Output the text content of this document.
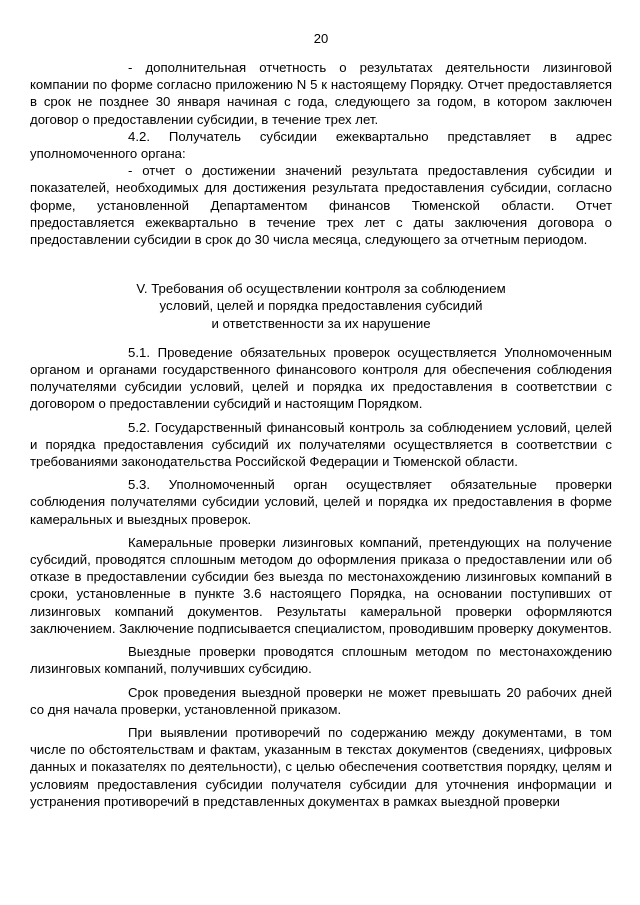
20

- дополнительная отчетность о результатах деятельности лизинговой компании по форме согласно приложению N 5 к настоящему Порядку. Отчет предоставляется в срок не позднее 30 января начиная с года, следующего за годом, в котором заключен договор о предоставлении субсидии, в течение трех лет.

4.2. Получатель субсидии ежеквартально представляет в адрес уполномоченного органа:

- отчет о достижении значений результата предоставления субсидии и показателей, необходимых для достижения результата предоставления субсидии, согласно форме, установленной Департаментом финансов Тюменской области. Отчет предоставляется ежеквартально в течение трех лет с даты заключения договора о предоставлении субсидии в срок до 30 числа месяца, следующего за отчетным периодом.

V. Требования об осуществлении контроля за соблюдением
условий, целей и порядка предоставления субсидий
и ответственности за их нарушение

5.1. Проведение обязательных проверок осуществляется Уполномоченным органом и органами государственного финансового контроля для обеспечения соблюдения получателями субсидии условий, целей и порядка их предоставления в соответствии с договором о предоставлении субсидий и настоящим Порядком.

5.2. Государственный финансовый контроль за соблюдением условий, целей и порядка предоставления субсидий их получателями осуществляется в соответствии с требованиями законодательства Российской Федерации и Тюменской области.

5.3. Уполномоченный орган осуществляет обязательные проверки соблюдения получателями субсидии условий, целей и порядка их предоставления в форме камеральных и выездных проверок.

Камеральные проверки лизинговых компаний, претендующих на получение субсидий, проводятся сплошным методом до оформления приказа о предоставлении или об отказе в предоставлении субсидии без выезда по местонахождению лизинговых компаний в сроки, установленные в пункте 3.6 настоящего Порядка, на основании поступивших от лизинговых компаний документов. Результаты камеральной проверки оформляются заключением. Заключение подписывается специалистом, проводившим проверку документов.

Выездные проверки проводятся сплошным методом по местонахождению лизинговых компаний, получивших субсидию.

Срок проведения выездной проверки не может превышать 20 рабочих дней со дня начала проверки, установленной приказом.

При выявлении противоречий по содержанию между документами, в том числе по обстоятельствам и фактам, указанным в текстах документов (сведениях, цифровых данных и показателях по деятельности), с целью обеспечения соответствия порядку, целям и условиям предоставления субсидии получателя субсидии для уточнения информации и устранения противоречий в представленных документах в рамках выездной проверки
